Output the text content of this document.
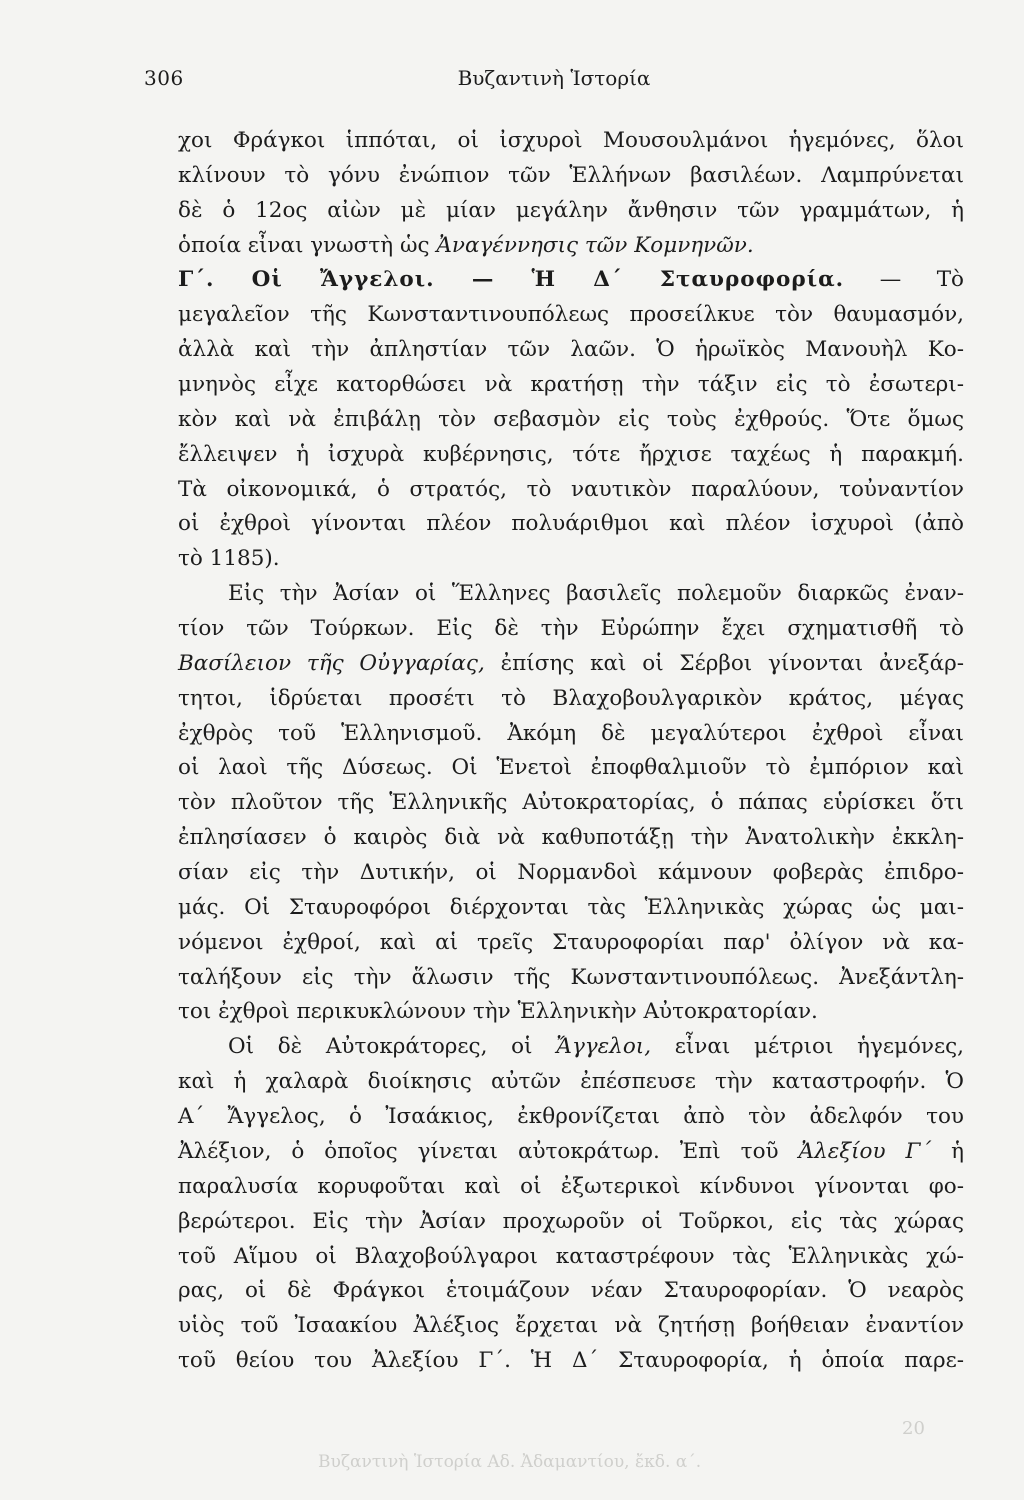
306	Βυζαντινὴ Ἱστορία
χοι Φράγκοι ἱππόται, οἱ ἰσχυροὶ Μουσουλμάνοι ἡγεμόνες, ὅλοι
κλίνουν τὸ γόνυ ἐνώπιον τῶν Ἑλλήνων βασιλέων. Λαμπρύνεται
δὲ ὁ 12ος αἰὼν μὲ μίαν μεγάλην ἄνθησιν τῶν γραμμάτων, ἡ
ὁποία εἶναι γνωστὴ ὡς Ἀναγέννησις τῶν Κομνηνῶν.
Γ΄. Οἱ Ἄγγελοι. — Ἡ Δ΄ Σταυροφορία. — Τὸ
μεγαλεῖον τῆς Κωνσταντινουπόλεως προσείλκυε τὸν θαυμασμόν,
ἀλλὰ καὶ τὴν ἀπληστίαν τῶν λαῶν. Ὁ ἡρωϊκὸς Μανουὴλ Κο-
μνηνὸς εἶχε κατορθώσει νὰ κρατήσῃ τὴν τάξιν εἰς τὸ ἐσωτερι-
κὸν καὶ νὰ ἐπιβάλῃ τὸν σεβασμὸν εἰς τοὺς ἐχθρούς. Ὅτε ὅμως
ἔλλειψεν ἡ ἰσχυρὰ κυβέρνησις, τότε ἤρχισε ταχέως ἡ παρακμή.
Τὰ οἰκονομικά, ὁ στρατός, τὸ ναυτικὸν παραλύουν, τοὐναντίον
οἱ ἐχθροὶ γίνονται πλέον πολυάριθμοι καὶ πλέον ἰσχυροὶ (ἀπὸ
τὸ 1185).
Εἰς τὴν Ἀσίαν οἱ Ἕλληνες βασιλεῖς πολεμοῦν διαρκῶς ἐναν-
τίον τῶν Τούρκων. Εἰς δὲ τὴν Εὐρώπην ἔχει σχηματισθῆ τὸ
Βασίλειον τῆς Οὐγγαρίας, ἐπίσης καὶ οἱ Σέρβοι γίνονται ἀνεξάρ-
τητοι, ἱδρύεται προσέτι τὸ Βλαχοβουλγαρικὸν κράτος, μέγας
ἐχθρὸς τοῦ Ἑλληνισμοῦ. Ἀκόμη δὲ μεγαλύτεροι ἐχθροὶ εἶναι
οἱ λαοὶ τῆς Δύσεως. Οἱ Ἑνετοὶ ἐποφθαλμιοῦν τὸ ἐμπόριον καὶ
τὸν πλοῦτον τῆς Ἑλληνικῆς Αὐτοκρατορίας, ὁ πάπας εὑρίσκει ὅτι
ἐπλησίασεν ὁ καιρὸς διὰ νὰ καθυποτάξῃ τὴν Ἀνατολικὴν ἐκκλη-
σίαν εἰς τὴν Δυτικήν, οἱ Νορμανδοὶ κάμνουν φοβερὰς ἐπιδρο-
μάς. Οἱ Σταυροφόροι διέρχονται τὰς Ἑλληνικὰς χώρας ὡς μαι-
νόμενοι ἐχθροί, καὶ αἱ τρεῖς Σταυροφορίαι παρ' ὀλίγον νὰ κα-
ταλήξουν εἰς τὴν ἅλωσιν τῆς Κωνσταντινουπόλεως. Ἀνεξάντλη-
τοι ἐχθροὶ περικυκλώνουν τὴν Ἑλληνικὴν Αὐτοκρατορίαν.
Οἱ δὲ Αὐτοκράτορες, οἱ Ἄγγελοι, εἶναι μέτριοι ἡγεμόνες,
καὶ ἡ χαλαρὰ διοίκησις αὐτῶν ἐπέσπευσε τὴν καταστροφήν. Ὁ
Α΄ Ἄγγελος, ὁ Ἰσαάκιος, ἐκθρονίζεται ἀπὸ τὸν ἀδελφόν του
Ἀλέξιον, ὁ ὁποῖος γίνεται αὐτοκράτωρ. Ἐπὶ τοῦ Ἀλεξίου Γ΄ ἡ
παραλυσία κορυφοῦται καὶ οἱ ἐξωτερικοὶ κίνδυνοι γίνονται φο-
βερώτεροι. Εἰς τὴν Ἀσίαν προχωροῦν οἱ Τοῦρκοι, εἰς τὰς χώρας
τοῦ Αἵμου οἱ Βλαχοβούλγαροι καταστρέφουν τὰς Ἑλληνικὰς χώ-
ρας, οἱ δὲ Φράγκοι ἑτοιμάζουν νέαν Σταυροφορίαν. Ὁ νεαρὸς
υἱὸς τοῦ Ἰσαακίου Ἀλέξιος ἔρχεται νὰ ζητήσῃ βοήθειαν ἐναντίον
τοῦ θείου του Ἀλεξίου Γ΄. Ἡ Δ΄ Σταυροφορία, ἡ ὁποία παρε-
20
Βυζαντινὴ Ἱστορία Αδ. Ἀδαμαντίου, ἔκδ. α΄.
